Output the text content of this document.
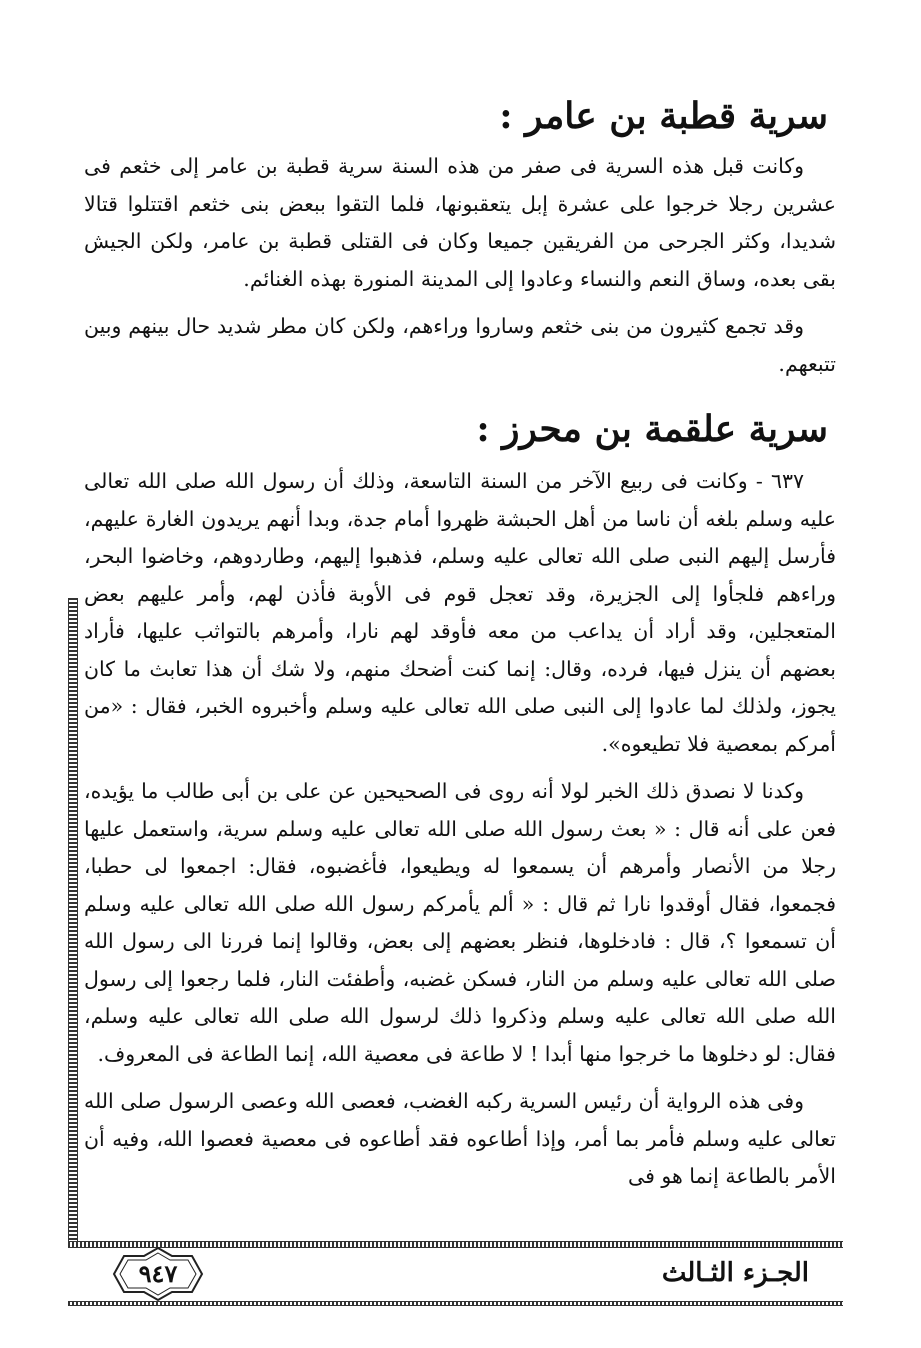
سرية قطبة بن عامر :

وكانت قبل هذه السرية فى صفر من هذه السنة سرية قطبة بن عامر إلى خثعم فى عشرين رجلا خرجوا على عشرة إبل يتعقبونها، فلما التقوا ببعض بنى خثعم اقتتلوا قتالا شديدا، وكثر الجرحى من الفريقين جميعا وكان فى القتلى قطبة بن عامر، ولكن الجيش بقى بعده، وساق النعم والنساء وعادوا إلى المدينة المنورة بهذه الغنائم.

وقد تجمع كثيرون من بنى خثعم وساروا وراءهم، ولكن كان مطر شديد حال بينهم وبين تتبعهم.

سرية علقمة بن محرز :

٦٣٧ - وكانت فى ربيع الآخر من السنة التاسعة، وذلك أن رسول الله صلى الله تعالى عليه وسلم بلغه أن ناسا من أهل الحبشة ظهروا أمام جدة، وبدا أنهم يريدون الغارة عليهم، فأرسل إليهم النبى صلى الله تعالى عليه وسلم، فذهبوا إليهم، وطاردوهم، وخاضوا البحر، وراءهم فلجأوا إلى الجزيرة، وقد تعجل قوم فى الأوبة فأذن لهم، وأمر عليهم بعض المتعجلين، وقد أراد أن يداعب من معه فأوقد لهم نارا، وأمرهم بالتواثب عليها، فأراد بعضهم أن ينزل فيها، فرده، وقال: إنما كنت أضحك منهم، ولا شك أن هذا تعابث ما كان يجوز، ولذلك لما عادوا إلى النبى صلى الله تعالى عليه وسلم وأخبروه الخبر، فقال : «من أمركم بمعصية فلا تطيعوه».

وكدنا لا نصدق ذلك الخبر لولا أنه روى فى الصحيحين عن على بن أبى طالب ما يؤيده، فعن على أنه قال : « بعث رسول الله صلى الله تعالى عليه وسلم سرية، واستعمل عليها رجلا من الأنصار وأمرهم أن يسمعوا له ويطيعوا، فأغضبوه، فقال: اجمعوا لى حطبا، فجمعوا، فقال أوقدوا نارا ثم قال : « ألم يأمركم رسول الله صلى الله تعالى عليه وسلم أن تسمعوا ؟، قال : فادخلوها، فنظر بعضهم إلى بعض، وقالوا إنما فررنا الى رسول الله صلى الله تعالى عليه وسلم من النار، فسكن غضبه، وأطفئت النار، فلما رجعوا إلى رسول الله صلى الله تعالى عليه وسلم وذكروا ذلك لرسول الله صلى الله تعالى عليه وسلم، فقال: لو دخلوها ما خرجوا منها أبدا ! لا طاعة فى معصية الله، إنما الطاعة فى المعروف.

وفى هذه الرواية أن رئيس السرية ركبه الغضب، فعصى الله وعصى الرسول صلى الله تعالى عليه وسلم فأمر بما أمر، وإذا أطاعوه فقد أطاعوه فى معصية فعصوا الله، وفيه أن الأمر بالطاعة إنما هو فى

٩٤٧	الجـزء الثـالث
